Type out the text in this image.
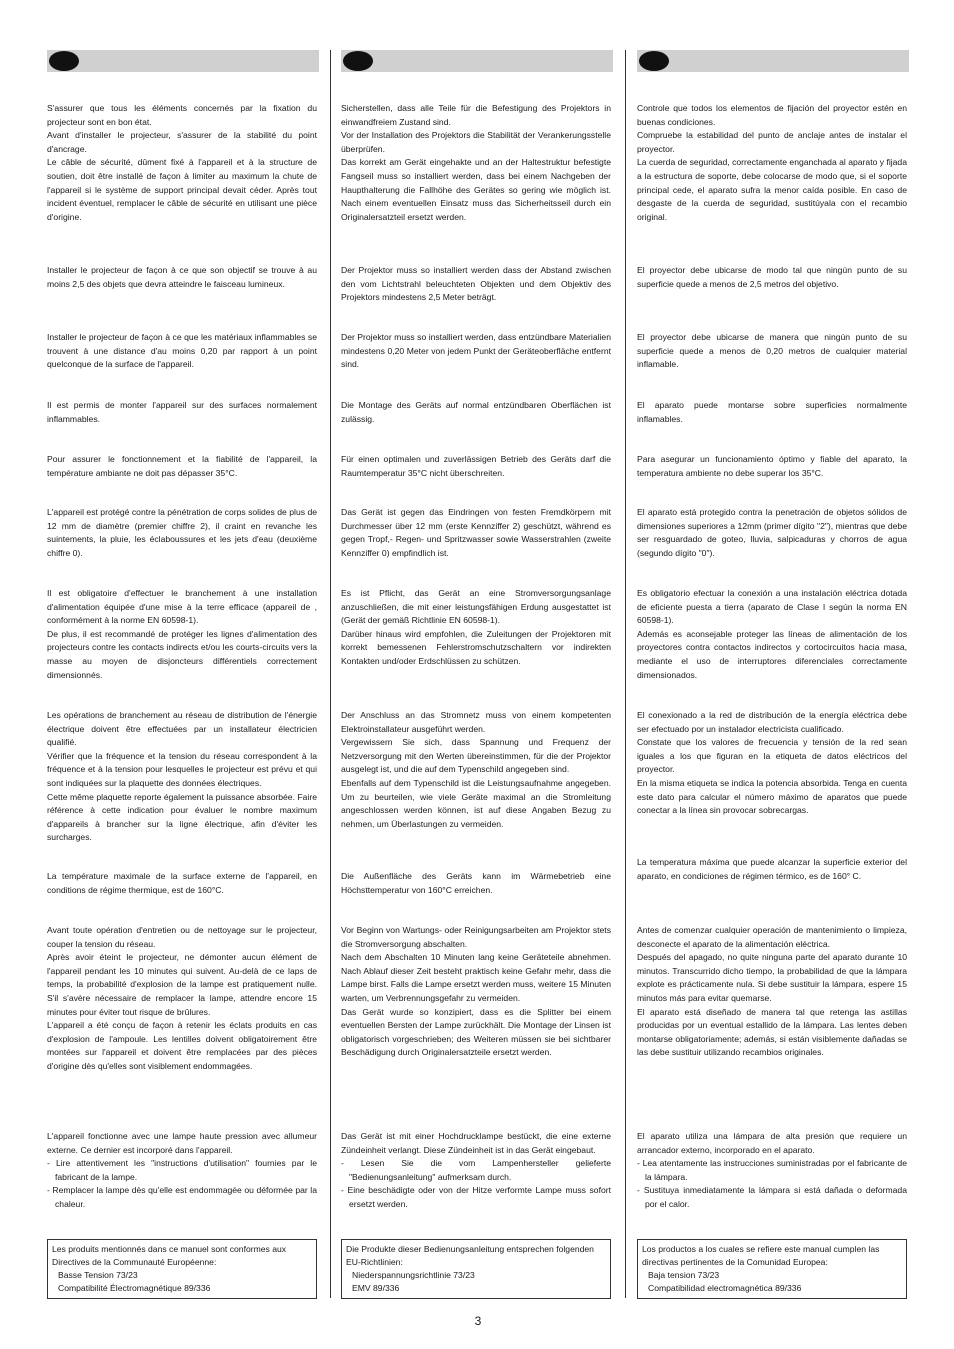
S'assurer que tous les éléments concernés par la fixation du projecteur sont en bon état.
Avant d'installer le projecteur, s'assurer de la stabilité du point d'ancrage.
Le câble de sécurité, dûment fixé à l'appareil et à la structure de soutien, doit être installé de façon à limiter au maximum la chute de l'appareil si le système de support principal devait céder. Après tout incident éventuel, remplacer le câble de sécurité en utilisant une pièce d'origine.
Installer le projecteur de façon à ce que son objectif se trouve à au moins 2,5 des objets que devra atteindre le faisceau lumineux.
Installer le projecteur de façon à ce que les matériaux inflammables se trouvent à une distance d'au moins 0,20 par rapport à un point quelconque de la surface de l'appareil.
Il est permis de monter l'appareil sur des surfaces normalement inflammables.
Pour assurer le fonctionnement et la fiabilité de l'appareil, la température ambiante ne doit pas dépasser 35°C.
L'appareil est protégé contre la pénétration de corps solides de plus de 12 mm de diamètre (premier chiffre 2), il craint en revanche les suintements, la pluie, les éclaboussures et les jets d'eau (deuxième chiffre 0).
Il est obligatoire d'effectuer le branchement à une installation d'alimentation équipée d'une mise à la terre efficace (appareil de , conformément à la norme EN 60598-1).
De plus, il est recommandé de protéger les lignes d'alimentation des projecteurs contre les contacts indirects et/ou les courts-circuits vers la masse au moyen de disjoncteurs différentiels correctement dimensionnés.
Les opérations de branchement au réseau de distribution de l'énergie électrique doivent être effectuées par un installateur électricien qualifié.
Vérifier que la fréquence et la tension du réseau correspondent à la fréquence et à la tension pour lesquelles le projecteur est prévu et qui sont indiquées sur la plaquette des données électriques.
Cette même plaquette reporte également la puissance absorbée. Faire référence à cette indication pour évaluer le nombre maximum d'appareils à brancher sur la ligne électrique, afin d'éviter les surcharges.
La température maximale de la surface externe de l'appareil, en conditions de régime thermique, est de 160°C.
Avant toute opération d'entretien ou de nettoyage sur le projecteur, couper la tension du réseau.
Après avoir éteint le projecteur, ne démonter aucun élément de l'appareil pendant les 10 minutes qui suivent. Au-delà de ce laps de temps, la probabilité d'explosion de la lampe est pratiquement nulle. S'il s'avère nécessaire de remplacer la lampe, attendre encore 15 minutes pour éviter tout risque de brûlures.
L'appareil a été conçu de façon à retenir les éclats produits en cas d'explosion de l'ampoule. Les lentilles doivent obligatoirement être montées sur l'appareil et doivent être remplacées par des pièces d'origine dès qu'elles sont visiblement endommagées.
L'appareil fonctionne avec une lampe haute pression avec allumeur externe. Ce dernier est incorporé dans l'appareil.
- Lire attentivement les "instructions d'utilisation" fournies par le fabricant de la lampe.
- Remplacer la lampe dès qu'elle est endommagée ou déformée par la chaleur.
Les produits mentionnés dans ce manuel sont conformes aux Directives de la Communauté Européenne:
Basse Tension 73/23
Compatibilité Électromagnétique 89/336
Sicherstellen, dass alle Teile für die Befestigung des Projektors in einwandfreiem Zustand sind.
Vor der Installation des Projektors die Stabilität der Verankerungsstelle überprüfen.
Das korrekt am Gerät eingehakte und an der Haltestruktur befestigte Fangseil muss so installiert werden, dass bei einem Nachgeben der Haupthalterung die Fallhöhe des Gerätes so gering wie möglich ist. Nach einem eventuellen Einsatz muss das Sicherheitsseil durch ein Originalersatzteil ersetzt werden.
Der Projektor muss so installiert werden dass der Abstand zwischen den vom Lichtstrahl beleuchteten Objekten und dem Objektiv des Projektors mindestens 2,5 Meter beträgt.
Der Projektor muss so installiert werden, dass entzündbare Materialien mindestens 0,20 Meter von jedem Punkt der Geräteoberfläche entfernt sind.
Die Montage des Geräts auf normal entzündbaren Oberflächen ist zulässig.
Für einen optimalen und zuverlässigen Betrieb des Geräts darf die Raumtemperatur 35°C nicht überschreiten.
Das Gerät ist gegen das Eindringen von festen Fremdkörpern mit Durchmesser über 12 mm (erste Kennziffer 2) geschützt, während es gegen Tropf,- Regen- und Spritzwasser sowie Wasserstrahlen (zweite Kennziffer 0) empfindlich ist.
Es ist Pflicht, das Gerät an eine Stromversorgungsanlage anzuschließen, die mit einer leistungsfähigen Erdung ausgestattet ist (Gerät der gemäß Richtlinie EN 60598-1).
Darüber hinaus wird empfohlen, die Zuleitungen der Projektoren mit korrekt bemessenen Fehlerstromschutzschaltern vor indirekten Kontakten und/oder Erdschlüssen zu schützen.
Der Anschluss an das Stromnetz muss von einem kompetenten Elektroinstallateur ausgeführt werden.
Vergewissern Sie sich, dass Spannung und Frequenz der Netzversorgung mit den Werten übereinstimmen, für die der Projektor ausgelegt ist, und die auf dem Typenschild angegeben sind.
Ebenfalls auf dem Typenschild ist die Leistungsaufnahme angegeben. Um zu beurteilen, wie viele Geräte maximal an die Stromleitung angeschlossen werden können, ist auf diese Angaben Bezug zu nehmen, um Überlastungen zu vermeiden.
Die Außenfläche des Geräts kann im Wärmebetrieb eine Höchsttemperatur von 160°C erreichen.
Vor Beginn von Wartungs- oder Reinigungsarbeiten am Projektor stets die Stromversorgung abschalten.
Nach dem Abschalten 10 Minuten lang keine Geräteteile abnehmen. Nach Ablauf dieser Zeit besteht praktisch keine Gefahr mehr, dass die Lampe birst. Falls die Lampe ersetzt werden muss, weitere 15 Minuten warten, um Verbrennungsgefahr zu vermeiden.
Das Gerät wurde so konzipiert, dass es die Splitter bei einem eventuellen Bersten der Lampe zurückhält. Die Montage der Linsen ist obligatorisch vorgeschrieben; des Weiteren müssen sie bei sichtbarer Beschädigung durch Originalersatzteile ersetzt werden.
Das Gerät ist mit einer Hochdrucklampe bestückt, die eine externe Zündeinheit verlangt. Diese Zündeinheit ist in das Gerät eingebaut.
- Lesen Sie die vom Lampenhersteller gelieferte "Bedienungsanleitung" aufmerksam durch.
- Eine beschädigte oder von der Hitze verformte Lampe muss sofort ersetzt werden.
Die Produkte dieser Bedienungsanleitung entsprechen folgenden EU-Richtlinien:
Niederspannungsrichtlinie 73/23
EMV 89/336
Controle que todos los elementos de fijación del proyector estén en buenas condiciones.
Compruebe la estabilidad del punto de anclaje antes de instalar el proyector.
La cuerda de seguridad, correctamente enganchada al aparato y fijada a la estructura de soporte, debe colocarse de modo que, si el soporte principal cede, el aparato sufra la menor caída posible. En caso de desgaste de la cuerda de seguridad, sustitúyala con el recambio original.
El proyector debe ubicarse de modo tal que ningún punto de su superficie quede a menos de 2,5 metros del objetivo.
El proyector debe ubicarse de manera que ningún punto de su superficie quede a menos de 0,20 metros de cualquier material inflamable.
El aparato puede montarse sobre superficies normalmente inflamables.
Para asegurar un funcionamiento óptimo y fiable del aparato, la temperatura ambiente no debe superar los 35°C.
El aparato está protegido contra la penetración de objetos sólidos de dimensiones superiores a 12mm (primer dígito "2"), mientras que debe ser resguardado de goteo, lluvia, salpicaduras y chorros de agua (segundo dígito "0").
Es obligatorio efectuar la conexión a una instalación eléctrica dotada de eficiente puesta a tierra (aparato de Clase I según la norma EN 60598-1).
Además es aconsejable proteger las líneas de alimentación de los proyectores contra contactos indirectos y cortocircuitos hacia masa, mediante el uso de interruptores diferenciales correctamente dimensionados.
El conexionado a la red de distribución de la energía eléctrica debe ser efectuado por un instalador electricista cualificado.
Constate que los valores de frecuencia y tensión de la red sean iguales a los que figuran en la etiqueta de datos eléctricos del proyector.
En la misma etiqueta se indica la potencia absorbida. Tenga en cuenta este dato para calcular el número máximo de aparatos que puede conectar a la línea sin provocar sobrecargas.
La temperatura máxima que puede alcanzar la superficie exterior del aparato, en condiciones de régimen térmico, es de 160° C.
Antes de comenzar cualquier operación de mantenimiento o limpieza, desconecte el aparato de la alimentación eléctrica.
Después del apagado, no quite ninguna parte del aparato durante 10 minutos. Transcurrido dicho tiempo, la probabilidad de que la lámpara explote es prácticamente nula. Si debe sustituir la lámpara, espere 15 minutos más para evitar quemarse.
El aparato está diseñado de manera tal que retenga las astillas producidas por un eventual estallido de la lámpara. Las lentes deben montarse obligatoriamente; además, si están visiblemente dañadas se las debe sustituir utilizando recambios originales.
El aparato utiliza una lámpara de alta presión que requiere un arrancador externo, incorporado en el aparato.
- Lea atentamente las instrucciones suministradas por el fabricante de la lámpara.
- Sustituya inmediatamente la lámpara si está dañada o deformada por el calor.
Los productos a los cuales se refiere este manual cumplen las directivas pertinentes de la Comunidad Europea:
Baja tension 73/23
Compatibilidad electromagnética 89/336
3
